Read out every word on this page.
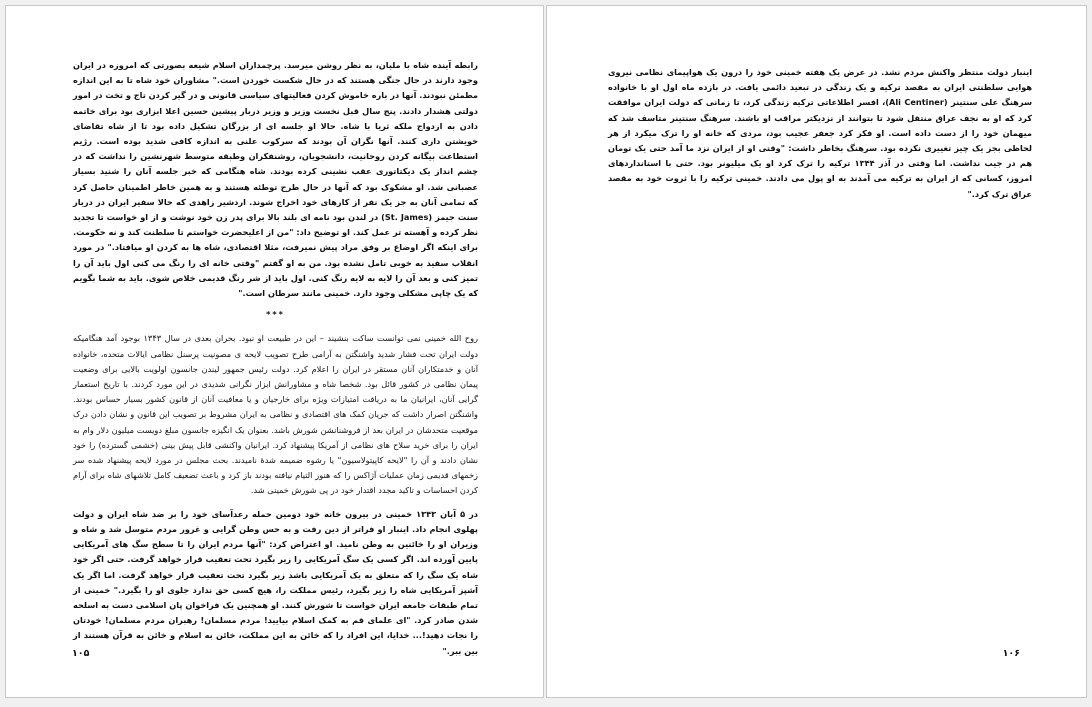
رابطه آینده شاه با ملیان، به نظر روشن میرسد. پرچمداران اسلام شیعه بصورتی که امروزه در ایران وجود دارند در حال جنگی هستند که در حال شکست خوردن است." مشاوران خود شاه تا به این اندازه مطمئن نبودند. آنها در باره خاموش کردن فعالیتهای سیاسی قانونی و در گیر کردن تاج و تخت در امور دولتی هشدار دادند. پنج سال قبل نخست وزیر و وزیر دربار پیشین حسین اعلا ابزاری بود برای خاتمه دادن به ازدواج ملکه ثریا با شاه. حالا او جلسه ای از بزرگان تشکیل داده بود تا از شاه تقاضای خویشتن داری کنند. آنها نگران آن بودند که سرکوب علنی به اندازه کافی شدید بوده است. رژیم استطاعت بیگانه کردن روحانیت، دانشجویان، روشنفکران وطبقه متوسط شهرنشین را نداشت که در چشم انداز یک دیکتاتوری عقب نشینی کرده بودند. شاه هنگامی که خبر جلسه آنان را شنید بسیار عصبانی شد. او مشکوک بود که آنها در حال طرح توطئه هستند و به همین خاطر اطمینان حاصل کرد که تمامی آنان به جز یک نفر از کارهای خود اخراج شوند. اردشیر زاهدی که حالا سفیر ایران در دربار سنت جیمز (St. James) در لندن بود نامه ای بلند بالا برای پدر زن خود نوشت و از او خواست تا تجدید نظر کرده و آهسته تر عمل کند. او توضیح داد: "من از اعلیحضرت خواستم تا سلطنت کند و نه حکومت. برای اینکه اگر اوضاع بر وفق مراد پیش نمیرفت، مثلا اقتصادی، شاه ها به کردن او میافتاد." در مورد انقلاب سفید به خوبی تامل نشده بود. من به او گفتم "وقتی خانه ای را رنگ می کنی اول باید آن را تمیز کنی و بعد آن را لایه به لایه رنگ کنی. اول باید از شر رنگ قدیمی خلاص شوی. باید به شما بگویم که یک چاپی مشکلی وجود دارد. خمینی مانند سرطان است."

***

روح الله خمینی نمی توانست ساکت بنشیند – این در طبیعت او نبود. بحران بعدی در سال ۱۳۴۳ بوجود آمد هنگامیکه دولت ایران تحت فشار شدید واشنگتن به آرامی طرح تصویب لایحه ی مصونیت پرسنل نظامی ایالات متحده، خانواده آنان و خدمتکاران آنان مستقر در ایران را اعلام کرد. دولت رئیس جمهور لیندن جانسون اولویت بالایی برای وضعیت پیمان نظامی در کشور قائل بود. شخصا شاه و مشاورانش ابزار نگرانی شدیدی در این مورد کردند. با تاریخ استعمار گرایی آنان، ایرانیان ما به دریافت امتیازات ویژه برای خارجیان و یا معافیت آنان از قانون کشور بسیار حساس بودند. واشنگتن اصرار داشت که جریان کمک های اقتصادی و نظامی به ایران مشروط بر تصویب این قانون و نشان دادن درک موقعیت متحدشان در ایران بعد از فروشنانشن شورش باشد. بعنوان یک انگیزه جانسون مبلغ دویست میلیون دلار وام به ایران را برای خرید سلاح های نظامی از آمریکا پیشنهاد کرد. ایرانیان واکنشی قابل پیش بینی (خشمی گسترده) را خود نشان دادند و آن را "لایحه کاپیتولاسیون" یا رشوه ضمیمه شدهٔ نامیدند. بحث مجلس در مورد لایحه پیشنهاد شده سر زخمهای قدیمی زمان عملیات آژاکس را که هنوز التیام نیافته بودند باز کرد و باعث تضعیف کامل تلاشهای شاه برای آرام کردن احساسات و تاکید مجدد اقتدار خود در پی شورش خمینی شد.

در ۵ آبان ۱۳۴۳ خمینی در بیرون خانه خود دومین حمله رعدآسای خود را بر ضد شاه ایران و دولت پهلوی انجام داد. اینبار او فراتر از دین رفت و به حس وطن گرایی و غرور مردم متوسل شد و شاه و وزیران او را خائنین به وطن نامید. او اعتراض کرد: "آنها مردم ایران را تا سطح سگ های آمریکایی پایین آورده اند. اگر کسی یک سگ آمریکایی را زیر بگیرد تحت تعقیب قرار خواهد گرفت. حتی اگر خود شاه یک سگ را که متعلق به یک آمریکایی باشد زیر بگیرد تحت تعقیب قرار خواهد گرفت. اما اگر یک آشپز آمریکایی شاه را زیر بگیرد، رئیس مملکت را، هیچ کسی حق ندارد جلوی او را بگیرد." خمینی از تمام طبقات جامعه ایران خواست تا شورش کنند. او همچنین یک فراخوان پان اسلامی دست به اسلحه شدن صادر کرد. "ای علمای قم به کمک اسلام بیایید! مردم مسلمان! رهبران مردم مسلمان! خودتان را نجات دهید!... خدایا، این افراد را که خائن به این مملکت، خائن به اسلام و خائن به قرآن هستند از بین ببر."

۱۰۵

اینبار دولت منتظر واکنش مردم نشد. در عرض یک هفته خمینی خود را درون یک هواپیمای نظامی نیروی هوایی سلطنتی ایران به مقصد ترکیه و یک زندگی در تبعید دائمی یافت. در بازده ماه اول او با خانواده سرهنگ علی سنتینر (Ali Centiner)، افسر اطلاعاتی ترکیه زندگی کرد، تا زمانی که دولت ایران موافقت کرد که او به نجف عراق منتقل شود تا بتوانند از نزدیکتر مراقب او باشند. سرهنگ سنتینر متاسف شد که میهمان خود را از دست داده است. او فکر کرد جعفر عجیب بود، مردی که خانه او را ترک میکرد از هر لحاظی بجز یک چیز تغییری نکرده بود. سرهنگ بخاطر داشت: "وقتی او از ایران نزد ما آمد حتی یک تومان هم در جیب نداشت. اما وقتی در آذر ۱۳۴۴ ترکیه را ترک کرد او یک میلیونر بود. حتی با استانداردهای امروز، کسانی که از ایران به ترکیه می آمدند به او پول می دادند. خمینی ترکیه را با ثروت خود به مقصد عراق ترک کرد."

۱۰۶
